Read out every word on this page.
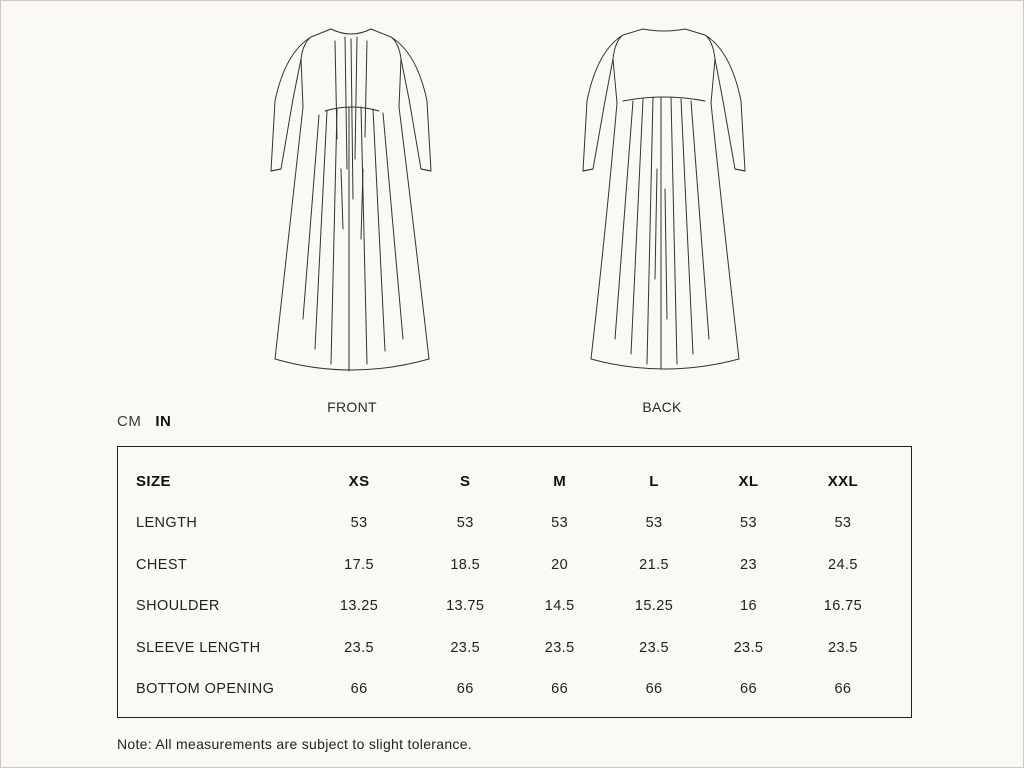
FRONT	BACK

CM IN
SIZE	XS	S	M	L	XL	XXL
LENGTH	53	53	53	53	53	53
CHEST	17.5	18.5	20	21.5	23	24.5
SHOULDER	13.25	13.75	14.5	15.25	16	16.75
SLEEVE LENGTH	23.5	23.5	23.5	23.5	23.5	23.5
BOTTOM OPENING	66	66	66	66	66	66

Note: All measurements are subject to slight tolerance.
